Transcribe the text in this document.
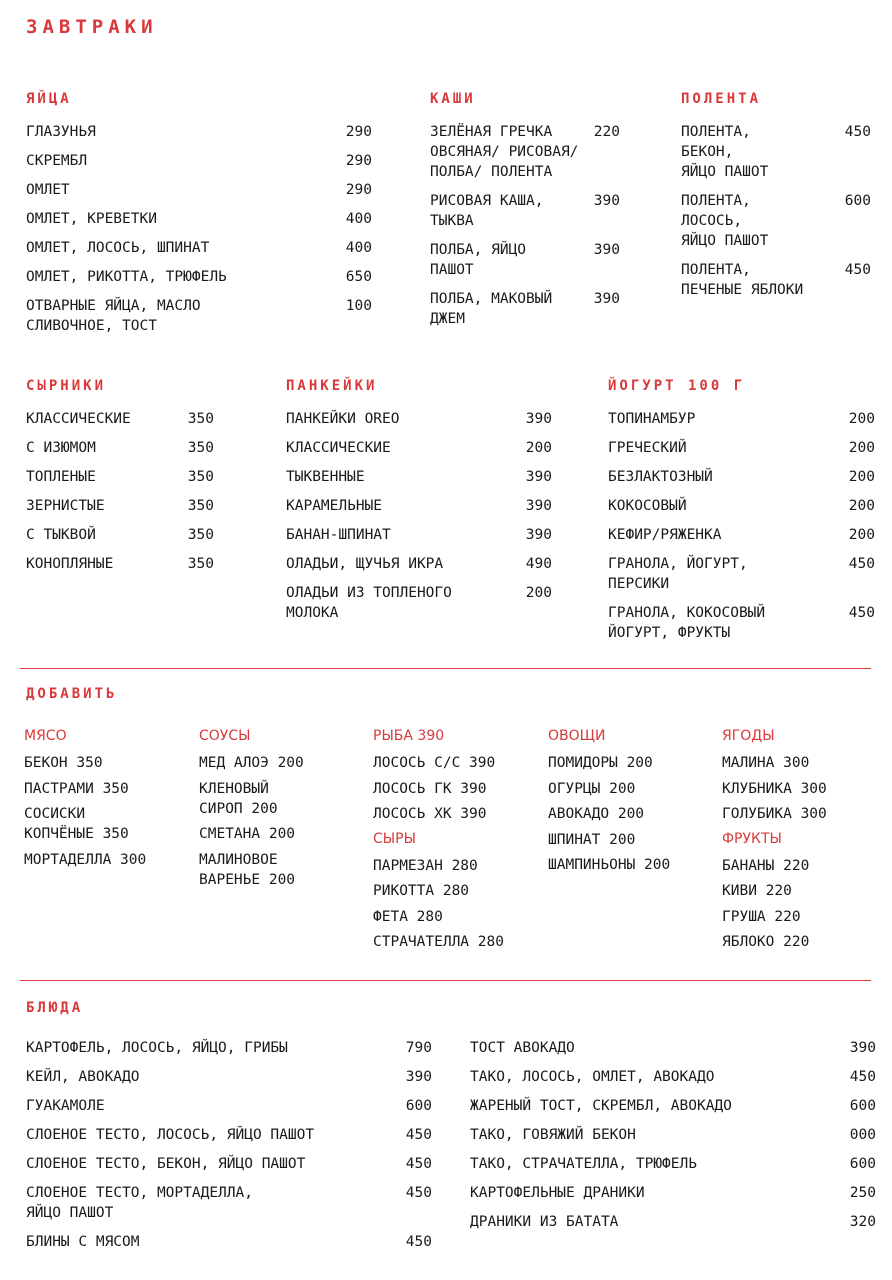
ЗАВТРАКИ
ЯЙЦА
ГЛАЗУНЬЯ	290
СКРЕМБЛ	290
ОМЛЕТ	290
ОМЛЕТ, КРЕВЕТКИ	400
ОМЛЕТ, ЛОСОСЬ, ШПИНАТ	400
ОМЛЕТ, РИКОТТА, ТРЮФЕЛЬ	650
ОТВАРНЫЕ ЯЙЦА, МАСЛО
СЛИВОЧНОЕ, ТОСТ
100
КАШИ
ЗЕЛЁНАЯ ГРЕЧКА
ОВСЯНАЯ/ РИСОВАЯ/
ПОЛБА/ ПОЛЕНТА
220
РИСОВАЯ КАША,
ТЫКВА
390
ПОЛБА, ЯЙЦО
ПАШОТ
390
ПОЛБА, МАКОВЫЙ
ДЖЕМ
390
ПОЛЕНТА
ПОЛЕНТА,
БЕКОН,
ЯЙЦО ПАШОТ
450
ПОЛЕНТА,
ЛОСОСЬ,
ЯЙЦО ПАШОТ
600
ПОЛЕНТА,
ПЕЧЕНЫЕ ЯБЛОКИ
450
СЫРНИКИ
КЛАССИЧЕСКИЕ	350
С ИЗЮМОМ	350
ТОПЛЕНЫЕ	350
ЗЕРНИСТЫЕ	350
С ТЫКВОЙ	350
КОНОПЛЯНЫЕ	350
ПАНКЕЙКИ
ПАНКЕЙКИ OREO	390
КЛАССИЧЕСКИЕ	200
ТЫКВЕННЫЕ	390
КАРАМЕЛЬНЫЕ	390
БАНАН-ШПИНАТ	390
ОЛАДЬИ, ЩУЧЬЯ ИКРА	490
ОЛАДЬИ ИЗ ТОПЛЕНОГО
МОЛОКА
200
ЙОГУРТ 100 Г
ТОПИНАМБУР	200
ГРЕЧЕСКИЙ	200
БЕЗЛАКТОЗНЫЙ	200
КОКОСОВЫЙ	200
КЕФИР/РЯЖЕНКА	200
ГРАНОЛА, ЙОГУРТ,
ПЕРСИКИ
450
ГРАНОЛА, КОКОСОВЫЙ
ЙОГУРТ, ФРУКТЫ
450
ДОБАВИТЬ
МЯСО
БЕКОН 350
ПАСТРАМИ 350
СОСИСКИ
КОПЧЁНЫЕ 350
МОРТАДЕЛЛА 300
СОУСЫ
МЕД АЛОЭ 200
КЛЕНОВЫЙ
СИРОП 200
СМЕТАНА 200
МАЛИНОВОЕ
ВАРЕНЬЕ 200
РЫБА 390
ЛОСОСЬ С/С 390
ЛОСОСЬ ГК 390
ЛОСОСЬ ХК 390
СЫРЫ
ПАРМЕЗАН 280
РИКОТТА 280
ФЕТА 280
СТРАЧАТЕЛЛА 280
ОВОЩИ
ПОМИДОРЫ 200
ОГУРЦЫ 200
АВОКАДО 200
ШПИНАТ 200
ШАМПИНЬОНЫ 200
ЯГОДЫ
МАЛИНА 300
КЛУБНИКА 300
ГОЛУБИКА 300
ФРУКТЫ
БАНАНЫ 220
КИВИ 220
ГРУША 220
ЯБЛОКО 220
БЛЮДА
КАРТОФЕЛЬ, ЛОСОСЬ, ЯЙЦО, ГРИБЫ	790
КЕЙЛ, АВОКАДО	390
ГУАКАМОЛЕ	600
СЛОЕНОЕ ТЕСТО, ЛОСОСЬ, ЯЙЦО ПАШОТ	450
СЛОЕНОЕ ТЕСТО, БЕКОН, ЯЙЦО ПАШОТ	450
СЛОЕНОЕ ТЕСТО, МОРТАДЕЛЛА,
ЯЙЦО ПАШОТ
450
БЛИНЫ С МЯСОМ	450
ТОСТ АВОКАДО	390
ТАКО, ЛОСОСЬ, ОМЛЕТ, АВОКАДО	450
ЖАРЕНЫЙ ТОСТ, СКРЕМБЛ, АВОКАДО	600
ТАКО, ГОВЯЖИЙ БЕКОН	000
ТАКО, СТРАЧАТЕЛЛА, ТРЮФЕЛЬ	600
КАРТОФЕЛЬНЫЕ ДРАНИКИ	250
ДРАНИКИ ИЗ БАТАТА	320
